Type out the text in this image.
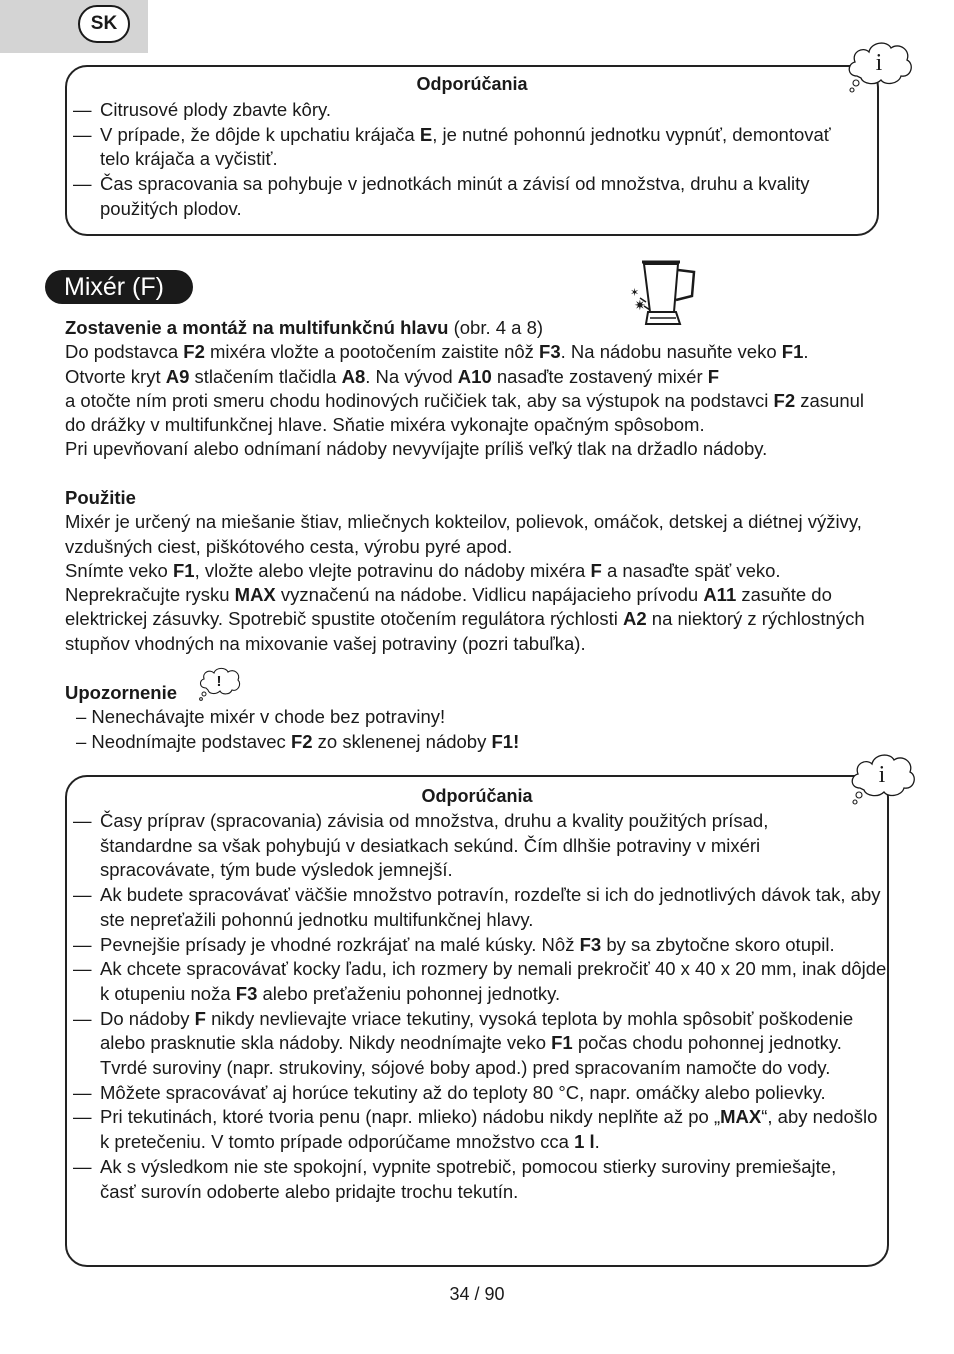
SK
Odporúčania
— Citrusové plody zbavte kôry.
— V prípade, že dôjde k upchatiu krájača E, je nutné pohonnú jednotku vypnúť, demontovať telo krájača a vyčistiť.
— Čas spracovania sa pohybuje v jednotkách minút a závisí od množstva, druhu a kvality použitých plodov.
i
Mixér (F)	✶
✷

Zostavenie a montáž na multifunkčnú hlavu (obr. 4 a 8)

Do podstavca F2 mixéra vložte a pootočením zaistite nôž F3. Na nádobu nasuňte veko F1.

Otvorte kryt A9 stlačením tlačidla A8. Na vývod A10 nasaďte zostavený mixér F

a otočte ním proti smeru chodu hodinových ručičiek tak, aby sa výstupok na podstavci F2 zasunul do drážky v multifunkčnej hlave. Sňatie mixéra vykonajte opačným spôsobom.

Pri upevňovaní alebo odnímaní nádoby nevyvíjajte príliš veľký tlak na držadlo nádoby.

Použitie

Mixér je určený na miešanie štiav, mliečnych kokteilov, polievok, omáčok, detskej a diétnej výživy, vzdušných ciest, piškótového cesta, výrobu pyré apod.

Snímte veko F1, vložte alebo vlejte potravinu do nádoby mixéra F a nasaďte späť veko.

Neprekračujte rysku MAX vyznačenú na nádobe. Vidlicu napájacieho prívodu A11 zasuňte do elektrickej zásuvky. Spotrebič spustite otočením regulátora rýchlosti A2 na niektorý z rýchlostných stupňov vhodných na mixovanie vašej potraviny (pozri tabuľka).

Upozornenie

!

– Nenechávajte mixér v chode bez potraviny!

– Neodnímajte podstavec F2 zo sklenenej nádoby F1!

Odporúčania
— Časy príprav (spracovania) závisia od množstva, druhu a kvality použitých prísad, štandardne sa však pohybujú v desiatkach sekúnd. Čím dlhšie potraviny v mixéri spracovávate, tým bude výsledok jemnejší.
— Ak budete spracovávať väčšie množstvo potravín, rozdeľte si ich do jednotlivých dávok tak, aby ste nepreťažili pohonnú jednotku multifunkčnej hlavy.
— Pevnejšie prísady je vhodné rozkrájať na malé kúsky. Nôž F3 by sa zbytočne skoro otupil.
— Ak chcete spracovávať kocky ľadu, ich rozmery by nemali prekročiť 40 x 40 x 20 mm, inak dôjde k otupeniu noža F3 alebo preťaženiu pohonnej jednotky.
— Do nádoby F nikdy nevlievajte vriace tekutiny, vysoká teplota by mohla spôsobiť poškodenie alebo prasknutie skla nádoby. Nikdy neodnímajte veko F1 počas chodu pohonnej jednotky. Tvrdé suroviny (napr. strukoviny, sójové boby apod.) pred spracovaním namočte do vody.
— Môžete spracovávať aj horúce tekutiny až do teploty 80 °C, napr. omáčky alebo polievky.
— Pri tekutinách, ktoré tvoria penu (napr. mlieko) nádobu nikdy neplňte až po „MAX“, aby nedošlo k pretečeniu. V tomto prípade odporúčame množstvo cca 1 l.
— Ak s výsledkom nie ste spokojní, vypnite spotrebič, pomocou stierky suroviny premiešajte, časť surovín odoberte alebo pridajte trochu tekutín.
i
34 / 90
